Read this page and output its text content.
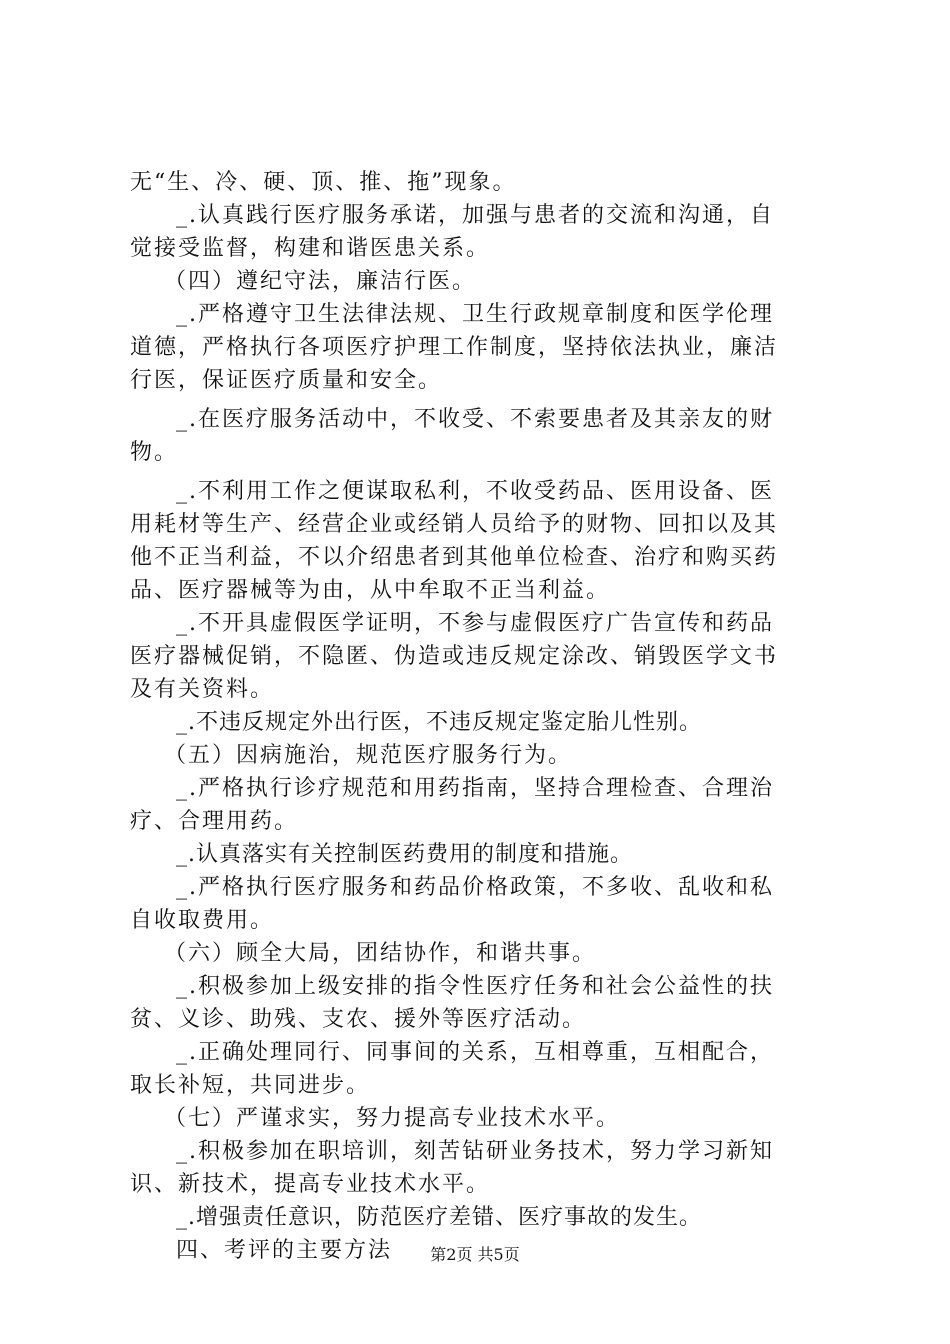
无“生、冷、硬、顶、推、拖”现象。
_.认真践行医疗服务承诺，加强与患者的交流和沟通，自
觉接受监督，构建和谐医患关系。
（四）遵纪守法，廉洁行医。
_.严格遵守卫生法律法规、卫生行政规章制度和医学伦理
道德，严格执行各项医疗护理工作制度，坚持依法执业，廉洁
行医，保证医疗质量和安全。
_.在医疗服务活动中，不收受、不索要患者及其亲友的财
物。
_.不利用工作之便谋取私利，不收受药品、医用设备、医
用耗材等生产、经营企业或经销人员给予的财物、回扣以及其
他不正当利益，不以介绍患者到其他单位检查、治疗和购买药
品、医疗器械等为由，从中牟取不正当利益。
_.不开具虚假医学证明，不参与虚假医疗广告宣传和药品
医疗器械促销，不隐匿、伪造或违反规定涂改、销毁医学文书
及有关资料。
_.不违反规定外出行医，不违反规定鉴定胎儿性别。
（五）因病施治，规范医疗服务行为。
_.严格执行诊疗规范和用药指南，坚持合理检查、合理治
疗、合理用药。
_.认真落实有关控制医药费用的制度和措施。
_.严格执行医疗服务和药品价格政策，不多收、乱收和私
自收取费用。
（六）顾全大局，团结协作，和谐共事。
_.积极参加上级安排的指令性医疗任务和社会公益性的扶
贫、义诊、助残、支农、援外等医疗活动。
_.正确处理同行、同事间的关系，互相尊重，互相配合，
取长补短，共同进步。
（七）严谨求实，努力提高专业技术水平。
_.积极参加在职培训，刻苦钻研业务技术，努力学习新知
识、新技术，提高专业技术水平。
_.增强责任意识，防范医疗差错、医疗事故的发生。
四、考评的主要方法	第2页 共5页
